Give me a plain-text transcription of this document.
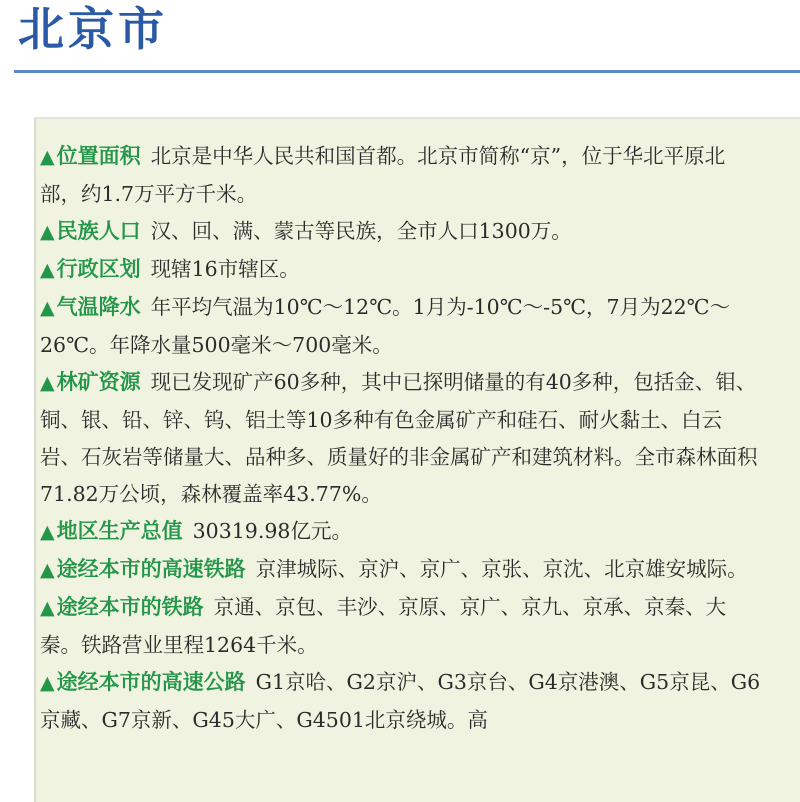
北京市

▲位置面积 北京是中华人民共和国首都。北京市简称“京”，位于华北平原北部，约1.7万平方千米。

▲民族人口 汉、回、满、蒙古等民族，全市人口1300万。

▲行政区划 现辖16市辖区。

▲气温降水 年平均气温为10℃～12℃。1月为-10℃～-5℃，7月为22℃～26℃。年降水量500毫米～700毫米。

▲林矿资源 现已发现矿产60多种，其中已探明储量的有40多种，包括金、钼、铜、银、铅、锌、钨、铝土等10多种有色金属矿产和硅石、耐火黏土、白云岩、石灰岩等储量大、品种多、质量好的非金属矿产和建筑材料。全市森林面积71.82万公顷，森林覆盖率43.77%。

▲地区生产总值 30319.98亿元。

▲途经本市的高速铁路 京津城际、京沪、京广、京张、京沈、北京雄安城际。

▲途经本市的铁路 京通、京包、丰沙、京原、京广、京九、京承、京秦、大秦。铁路营业里程1264千米。

▲途经本市的高速公路 G1京哈、G2京沪、G3京台、G4京港澳、G5京昆、G6京藏、G7京新、G45大广、G4501北京绕城。高
